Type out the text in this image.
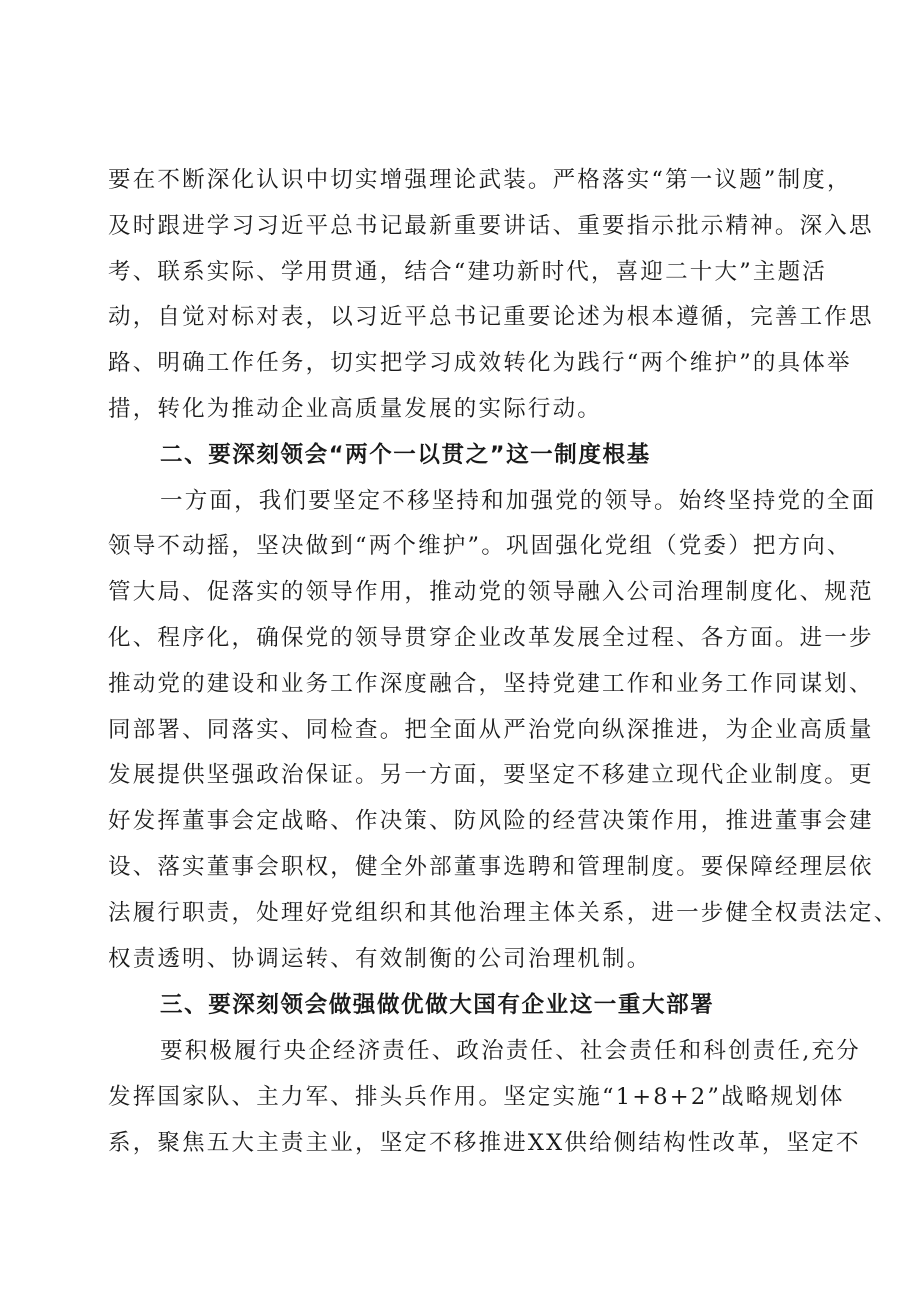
要在不断深化认识中切实增强理论武装。严格落实“第一议题”制度，
及时跟进学习习近平总书记最新重要讲话、重要指示批示精神。深入思
考、联系实际、学用贯通，结合“建功新时代，喜迎二十大”主题活
动，自觉对标对表，以习近平总书记重要论述为根本遵循，完善工作思
路、明确工作任务，切实把学习成效转化为践行“两个维护”的具体举
措，转化为推动企业高质量发展的实际行动。
二、要深刻领会“两个一以贯之”这一制度根基
一方面，我们要坚定不移坚持和加强党的领导。始终坚持党的全面
领导不动摇，坚决做到“两个维护”。巩固强化党组（党委）把方向、
管大局、促落实的领导作用，推动党的领导融入公司治理制度化、规范
化、程序化，确保党的领导贯穿企业改革发展全过程、各方面。进一步
推动党的建设和业务工作深度融合，坚持党建工作和业务工作同谋划、
同部署、同落实、同检查。把全面从严治党向纵深推进，为企业高质量
发展提供坚强政治保证。另一方面，要坚定不移建立现代企业制度。更
好发挥董事会定战略、作决策、防风险的经营决策作用，推进董事会建
设、落实董事会职权，健全外部董事选聘和管理制度。要保障经理层依
法履行职责，处理好党组织和其他治理主体关系，进一步健全权责法定、
权责透明、协调运转、有效制衡的公司治理机制。
三、要深刻领会做强做优做大国有企业这一重大部署
要积极履行央企经济责任、政治责任、社会责任和科创责任,充分
发挥国家队、主力军、排头兵作用。坚定实施“1+8+2”战略规划体
系，聚焦五大主责主业，坚定不移推进XX供给侧结构性改革，坚定不
